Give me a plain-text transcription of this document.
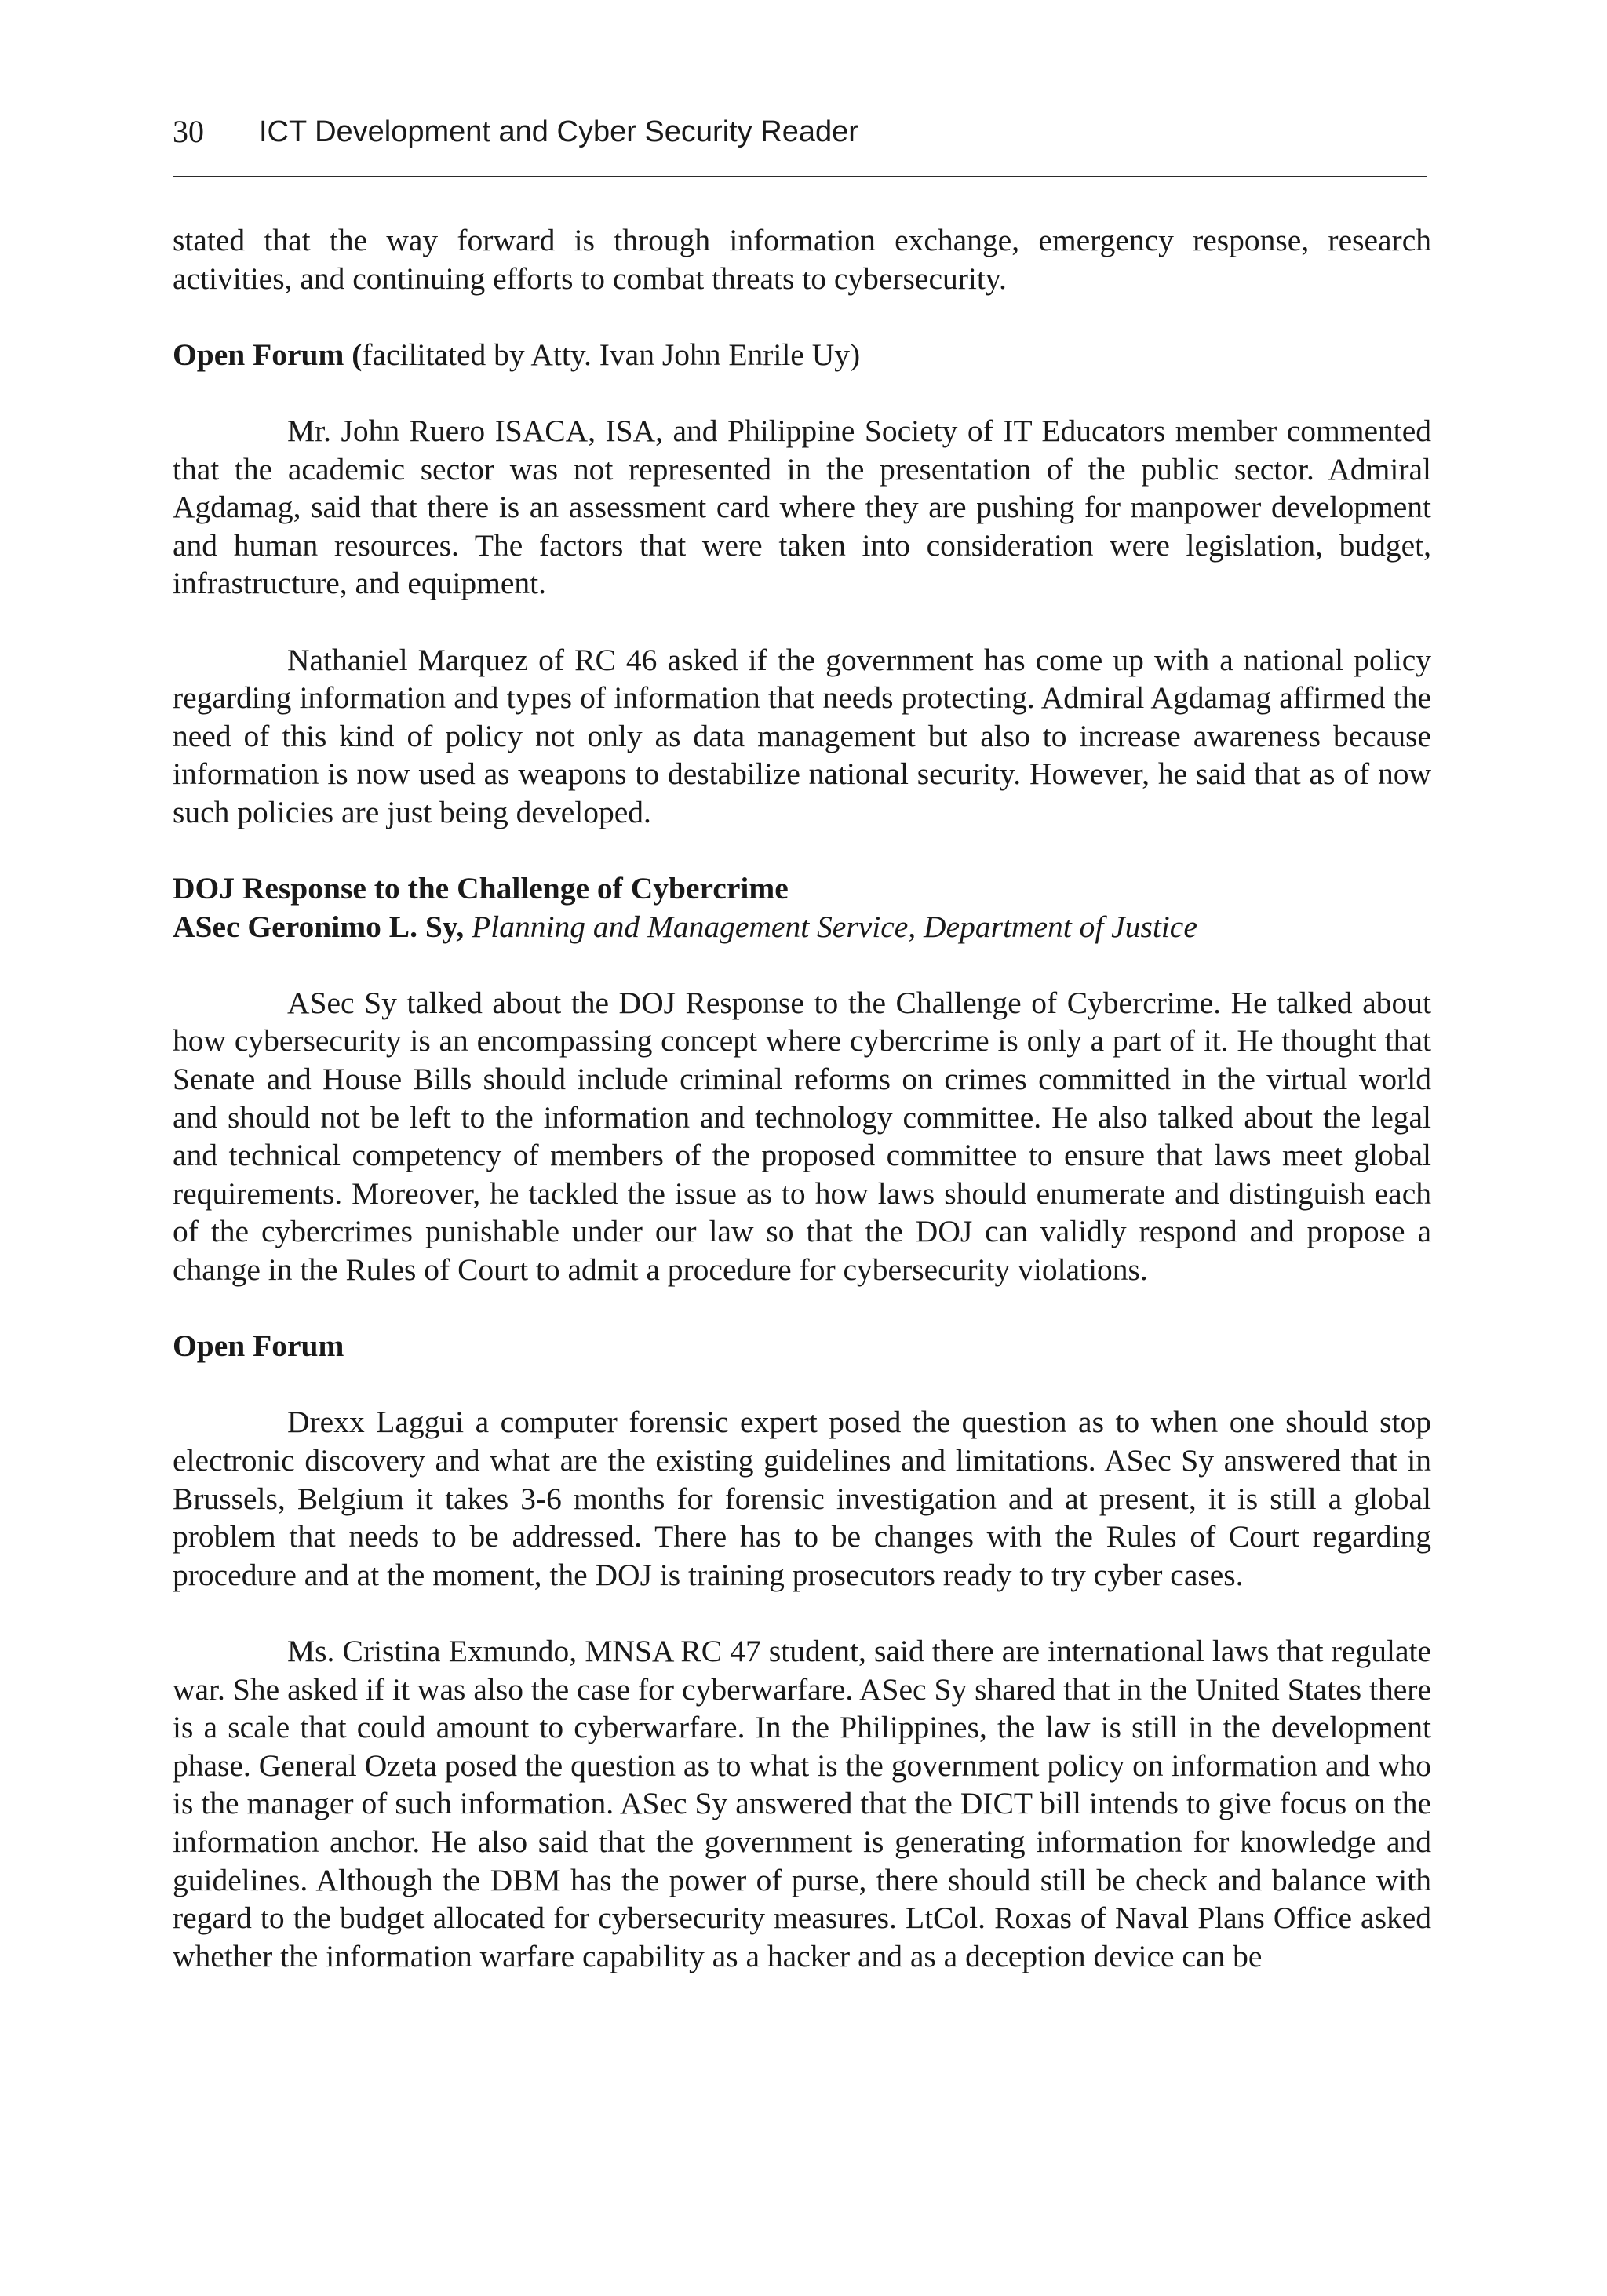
30 ICT Development and Cyber Security Reader

stated that the way forward is through information exchange, emergency response, research activities, and continuing efforts to combat threats to cybersecurity.

Open Forum (facilitated by Atty. Ivan John Enrile Uy)

Mr. John Ruero ISACA, ISA, and Philippine Society of IT Educators member commented that the academic sector was not represented in the presentation of the public sector. Admiral Agdamag, said that there is an assessment card where they are pushing for manpower development and human resources. The factors that were taken into consideration were legislation, budget, infrastructure, and equipment.

Nathaniel Marquez of RC 46 asked if the government has come up with a national policy regarding information and types of information that needs protecting. Admiral Agdamag affirmed the need of this kind of policy not only as data management but also to increase awareness because information is now used as weapons to destabilize national security. However, he said that as of now such policies are just being developed.

DOJ Response to the Challenge of Cybercrime
ASec Geronimo L. Sy, Planning and Management Service, Department of Justice

ASec Sy talked about the DOJ Response to the Challenge of Cybercrime. He talked about how cybersecurity is an encompassing concept where cybercrime is only a part of it. He thought that Senate and House Bills should include criminal reforms on crimes committed in the virtual world and should not be left to the information and technology committee. He also talked about the legal and technical competency of members of the proposed committee to ensure that laws meet global requirements. Moreover, he tackled the issue as to how laws should enumerate and distinguish each of the cybercrimes punishable under our law so that the DOJ can validly respond and propose a change in the Rules of Court to admit a procedure for cybersecurity violations.

Open Forum

Drexx Laggui a computer forensic expert posed the question as to when one should stop electronic discovery and what are the existing guidelines and limitations. ASec Sy answered that in Brussels, Belgium it takes 3-6 months for forensic investigation and at present, it is still a global problem that needs to be addressed. There has to be changes with the Rules of Court regarding procedure and at the moment, the DOJ is training prosecutors ready to try cyber cases.

Ms. Cristina Exmundo, MNSA RC 47 student, said there are international laws that regulate war. She asked if it was also the case for cyberwarfare. ASec Sy shared that in the United States there is a scale that could amount to cyberwarfare. In the Philippines, the law is still in the development phase. General Ozeta posed the question as to what is the government policy on information and who is the manager of such information. ASec Sy answered that the DICT bill intends to give focus on the information anchor. He also said that the government is generating information for knowledge and guidelines. Although the DBM has the power of purse, there should still be check and balance with regard to the budget allocated for cybersecurity measures. LtCol. Roxas of Naval Plans Office asked whether the information warfare capability as a hacker and as a deception device can be
